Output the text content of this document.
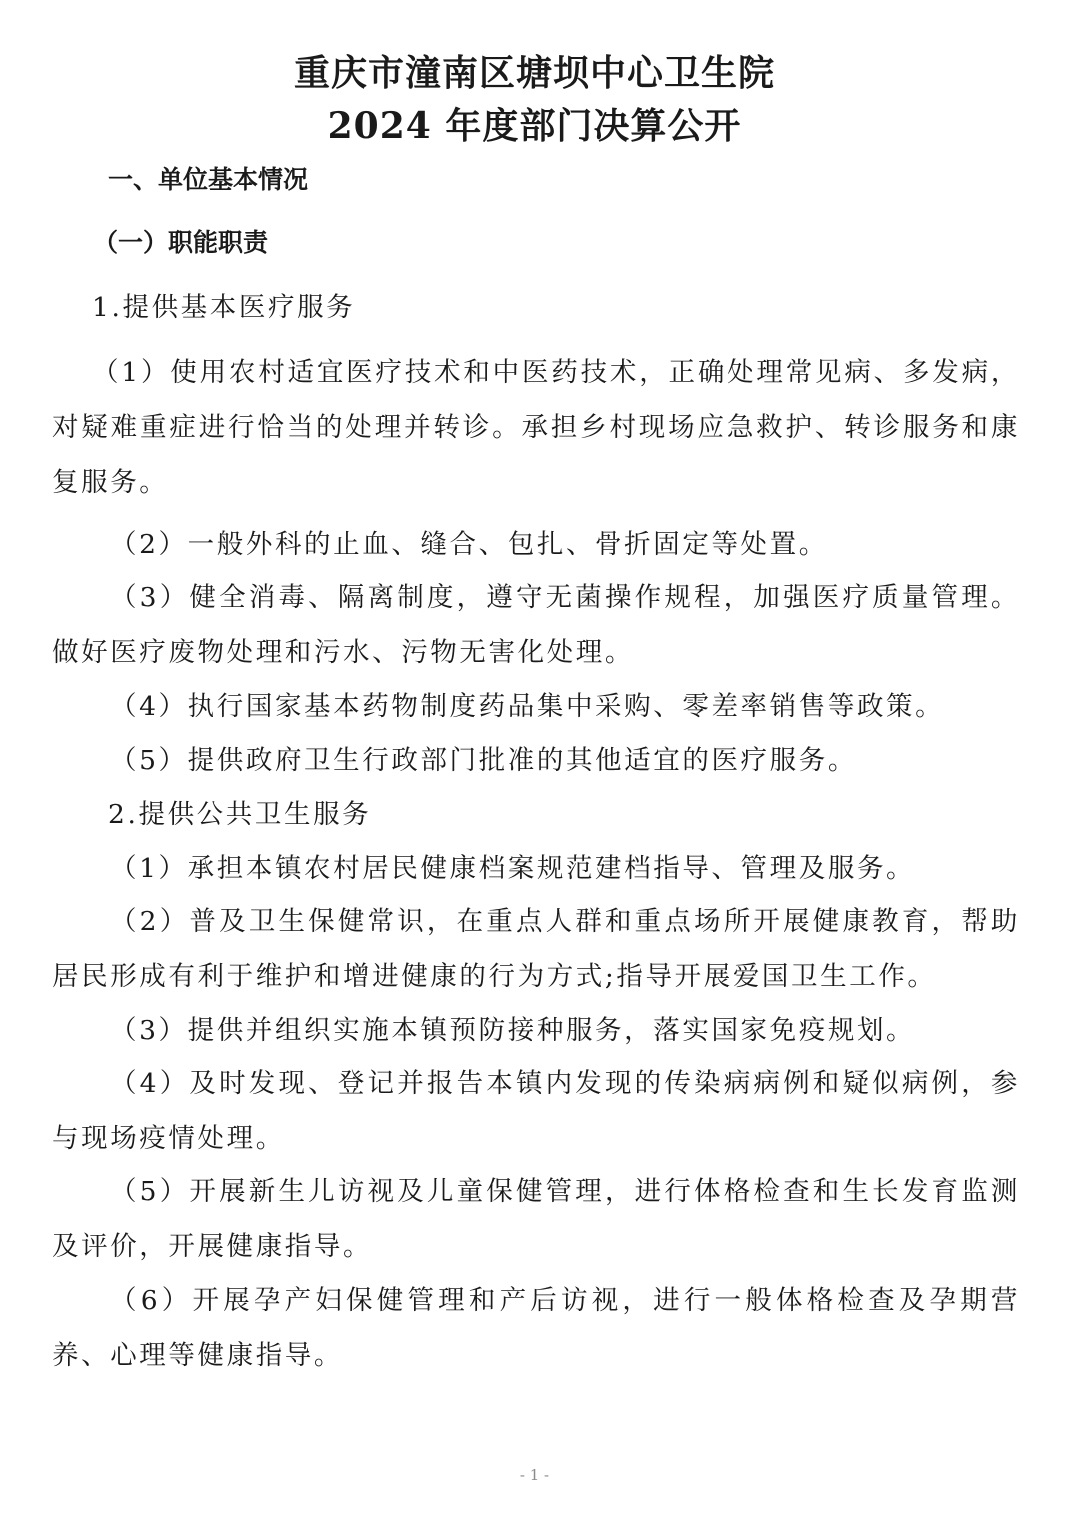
重庆市潼南区塘坝中心卫生院
2024 年度部门决算公开
一、单位基本情况
（一）职能职责

1.提供基本医疗服务

（1）使用农村适宜医疗技术和中医药技术，正确处理常见病、多发病，对疑难重症进行恰当的处理并转诊。承担乡村现场应急救护、转诊服务和康复服务。

（2）一般外科的止血、缝合、包扎、骨折固定等处置。

（3）健全消毒、隔离制度，遵守无菌操作规程，加强医疗质量管理。做好医疗废物处理和污水、污物无害化处理。

（4）执行国家基本药物制度药品集中采购、零差率销售等政策。

（5）提供政府卫生行政部门批准的其他适宜的医疗服务。

2.提供公共卫生服务

（1）承担本镇农村居民健康档案规范建档指导、管理及服务。

（2）普及卫生保健常识，在重点人群和重点场所开展健康教育，帮助居民形成有利于维护和增进健康的行为方式;指导开展爱国卫生工作。

（3）提供并组织实施本镇预防接种服务，落实国家免疫规划。

（4）及时发现、登记并报告本镇内发现的传染病病例和疑似病例，参与现场疫情处理。

（5）开展新生儿访视及儿童保健管理，进行体格检查和生长发育监测及评价，开展健康指导。

（6）开展孕产妇保健管理和产后访视，进行一般体格检查及孕期营养、心理等健康指导。

- 1 -
